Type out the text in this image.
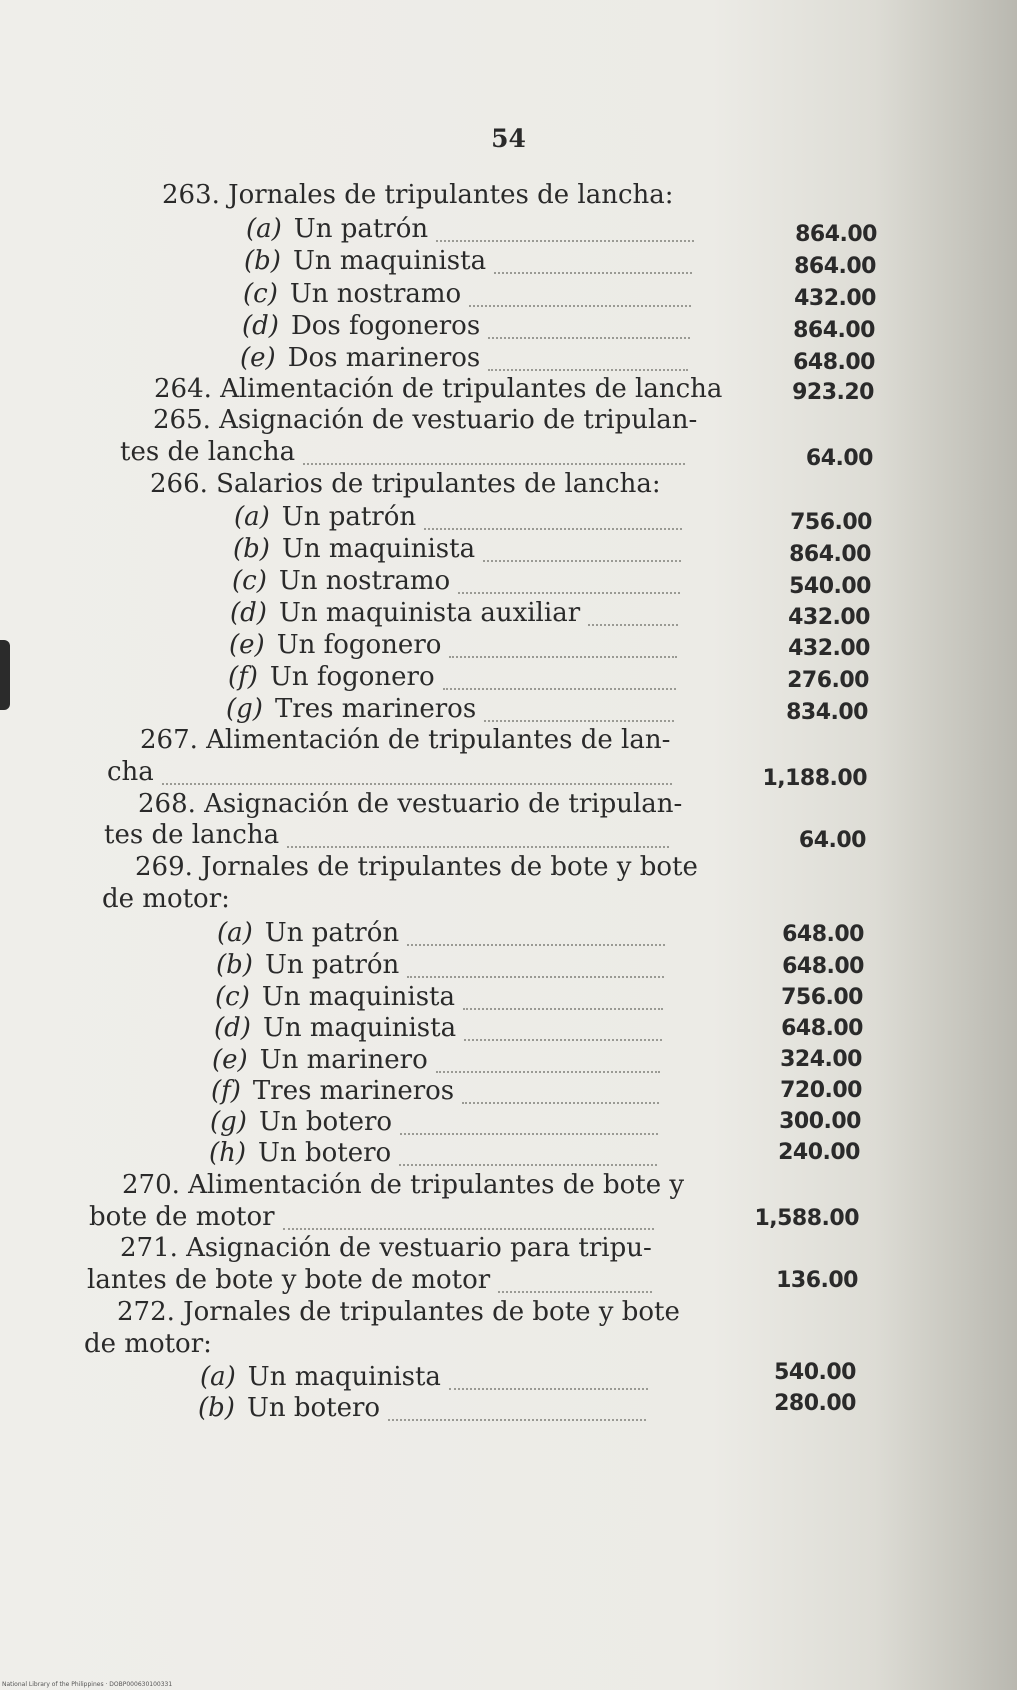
54
263. Jornales de tripulantes de lancha:
(a) Un patrón	864.00
(b) Un maquinista	864.00
(c) Un nostramo	432.00
(d) Dos fogoneros	864.00
(e) Dos marineros	648.00
264. Alimentación de tripulantes de lancha	923.20
265. Asignación de vestuario de tripulan-
tes de lancha	64.00
266. Salarios de tripulantes de lancha:
(a) Un patrón	756.00
(b) Un maquinista	864.00
(c) Un nostramo	540.00
(d) Un maquinista auxiliar	432.00
(e) Un fogonero	432.00
(f) Un fogonero	276.00
(g) Tres marineros	834.00
267. Alimentación de tripulantes de lan-
cha	1,188.00
268. Asignación de vestuario de tripulan-
tes de lancha	64.00
269. Jornales de tripulantes de bote y bote
de motor:
(a) Un patrón	648.00
(b) Un patrón	648.00
(c) Un maquinista	756.00
(d) Un maquinista	648.00
(e) Un marinero	324.00
(f) Tres marineros	720.00
(g) Un botero	300.00
(h) Un botero	240.00
270. Alimentación de tripulantes de bote y
bote de motor	1,588.00
271. Asignación de vestuario para tripu-
lantes de bote y bote de motor	136.00
272. Jornales de tripulantes de bote y bote
de motor:
(a) Un maquinista	540.00
(b) Un botero	280.00
National Library of the Philippines · DOBP000630100331
